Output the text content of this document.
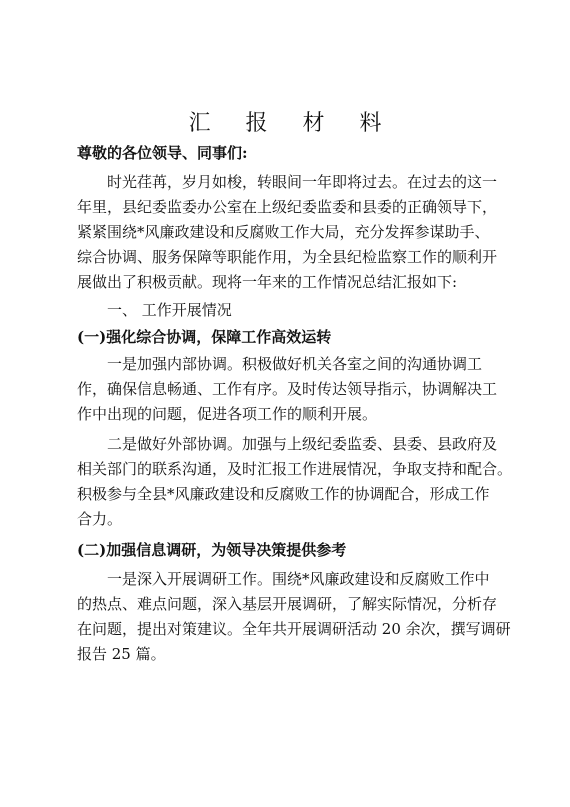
汇 报 材 料
尊敬的各位领导、同事们:
时光荏苒，岁月如梭，转眼间一年即将过去。在过去的这一
年里，县纪委监委办公室在上级纪委监委和县委的正确领导下，
紧紧围绕*风廉政建设和反腐败工作大局，充分发挥参谋助手、
综合协调、服务保障等职能作用，为全县纪检监察工作的顺利开
展做出了积极贡献。现将一年来的工作情况总结汇报如下:
一、 工作开展情况
(一)强化综合协调，保障工作高效运转
一是加强内部协调。积极做好机关各室之间的沟通协调工
作，确保信息畅通、工作有序。及时传达领导指示，协调解决工
作中出现的问题，促进各项工作的顺利开展。
二是做好外部协调。加强与上级纪委监委、县委、县政府及
相关部门的联系沟通，及时汇报工作进展情况，争取支持和配合。
积极参与全县*风廉政建设和反腐败工作的协调配合，形成工作
合力。
(二)加强信息调研，为领导决策提供参考
一是深入开展调研工作。围绕*风廉政建设和反腐败工作中
的热点、难点问题，深入基层开展调研，了解实际情况，分析存
在问题，提出对策建议。全年共开展调研活动 20 余次，撰写调研
报告 25 篇。
